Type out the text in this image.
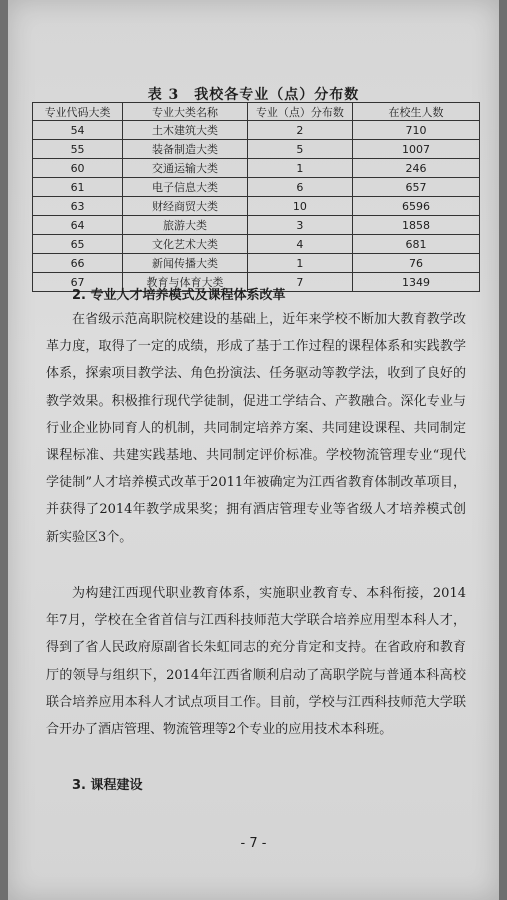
表 3　我校各专业（点）分布数
专业代码大类	专业大类名称	专业（点）分布数	在校生人数
54	土木建筑大类	2	710
55	装备制造大类	5	1007
60	交通运输大类	1	246
61	电子信息大类	6	657
63	财经商贸大类	10	6596
64	旅游大类	3	1858
65	文化艺术大类	4	681
66	新闻传播大类	1	76
67	教育与体育大类	7	1349
2. 专业人才培养模式及课程体系改革

在省级示范高职院校建设的基础上，近年来学校不断加大教育教学改革力度，取得了一定的成绩，形成了基于工作过程的课程体系和实践教学体系，探索项目教学法、角色扮演法、任务驱动等教学法，收到了良好的教学效果。积极推行现代学徒制，促进工学结合、产教融合。深化专业与行业企业协同育人的机制，共同制定培养方案、共同建设课程、共同制定课程标准、共建实践基地、共同制定评价标准。学校物流管理专业“现代学徒制”人才培养模式改革于2011年被确定为江西省教育体制改革项目，并获得了2014年教学成果奖；拥有酒店管理专业等省级人才培养模式创新实验区3个。

为构建江西现代职业教育体系，实施职业教育专、本科衔接，2014年7月，学校在全省首信与江西科技师范大学联合培养应用型本科人才，得到了省人民政府原副省长朱虹同志的充分肯定和支持。在省政府和教育厅的领导与组织下，2014年江西省顺利启动了高职学院与普通本科高校联合培养应用本科人才试点项目工作。目前，学校与江西科技师范大学联合开办了酒店管理、物流管理等2个专业的应用技术本科班。

3. 课程建设
- 7 -
